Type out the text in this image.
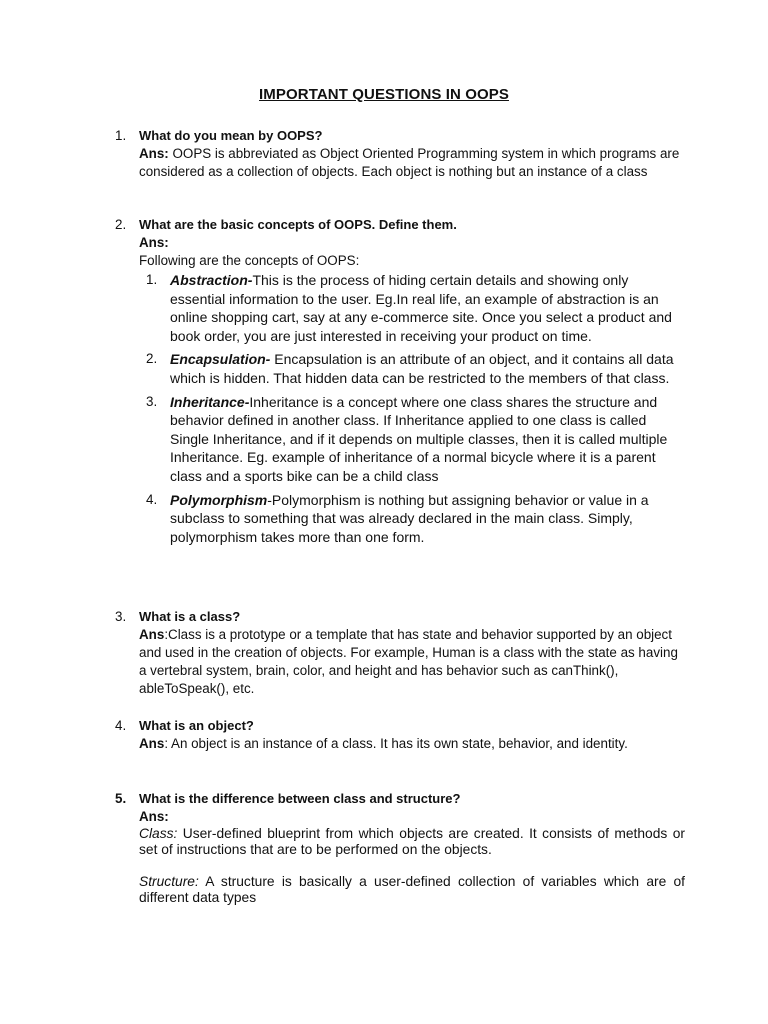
IMPORTANT QUESTIONS IN OOPS
1. What do you mean by OOPS?
Ans: OOPS is abbreviated as Object Oriented Programming system in which programs are considered as a collection of objects. Each object is nothing but an instance of a class
2. What are the basic concepts of OOPS. Define them.
Ans:
Following are the concepts of OOPS:
1. Abstraction-This is the process of hiding certain details and showing only essential information to the user. Eg.In real life, an example of abstraction is an online shopping cart, say at any e-commerce site. Once you select a product and book order, you are just interested in receiving your product on time.
2. Encapsulation- Encapsulation is an attribute of an object, and it contains all data which is hidden. That hidden data can be restricted to the members of that class.
3. Inheritance-Inheritance is a concept where one class shares the structure and behavior defined in another class. If Inheritance applied to one class is called Single Inheritance, and if it depends on multiple classes, then it is called multiple Inheritance. Eg. example of inheritance of a normal bicycle where it is a parent class and a sports bike can be a child class
4. Polymorphism-Polymorphism is nothing but assigning behavior or value in a subclass to something that was already declared in the main class. Simply, polymorphism takes more than one form.
3. What is a class?
Ans:Class is a prototype or a template that has state and behavior supported by an object and used in the creation of objects. For example, Human is a class with the state as having a vertebral system, brain, color, and height and has behavior such as canThink(), ableToSpeak(), etc.
4. What is an object?
Ans: An object is an instance of a class. It has its own state, behavior, and identity.
5. What is the difference between class and structure?
Ans:
Class: User-defined blueprint from which objects are created. It consists of methods or set of instructions that are to be performed on the objects.
Structure: A structure is basically a user-defined collection of variables which are of different data types
